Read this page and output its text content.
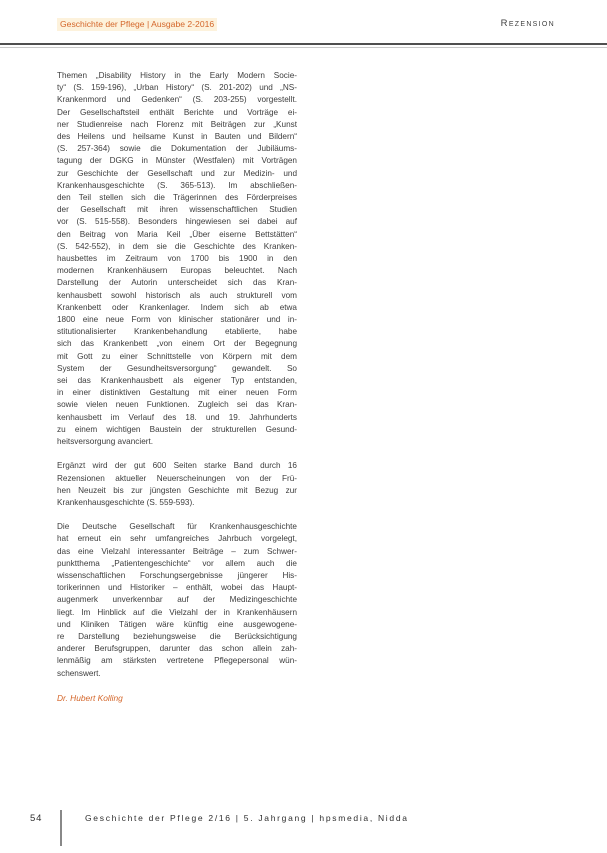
Geschichte der Pflege | Ausgabe 2-2016	Rezension

Themen „Disability History in the Early Modern Socie-
ty“ (S. 159-196), „Urban History“ (S. 201-202) und „NS-
Krankenmord und Gedenken“ (S. 203-255) vorgestellt.
Der Gesellschaftsteil enthält Berichte und Vorträge ei-
ner Studienreise nach Florenz mit Beiträgen zur „Kunst
des Heilens und heilsame Kunst in Bauten und Bildern“
(S. 257-364) sowie die Dokumentation der Jubiläums-
tagung der DGKG in Münster (Westfalen) mit Vorträgen
zur Geschichte der Gesellschaft und zur Medizin- und
Krankenhausgeschichte (S. 365-513). Im abschließen-
den Teil stellen sich die Trägerinnen des Förderpreises
der Gesellschaft mit ihren wissenschaftlichen Studien
vor (S. 515-558). Besonders hingewiesen sei dabei auf
den Beitrag von Maria Keil „Über eiserne Bettstätten“
(S. 542-552), in dem sie die Geschichte des Kranken-
hausbettes im Zeitraum von 1700 bis 1900 in den
modernen Krankenhäusern Europas beleuchtet. Nach
Darstellung der Autorin unterscheidet sich das Kran-
kenhausbett sowohl historisch als auch strukturell vom
Krankenbett oder Krankenlager. Indem sich ab etwa
1800 eine neue Form von klinischer stationärer und in-
stitutionalisierter Krankenbehandlung etablierte, habe
sich das Krankenbett „von einem Ort der Begegnung
mit Gott zu einer Schnittstelle von Körpern mit dem
System der Gesundheitsversorgung“ gewandelt. So
sei das Krankenhausbett als eigener Typ entstanden,
in einer distinktiven Gestaltung mit einer neuen Form
sowie vielen neuen Funktionen. Zugleich sei das Kran-
kenhausbett im Verlauf des 18. und 19. Jahrhunderts
zu einem wichtigen Baustein der strukturellen Gesund-
heitsversorgung avanciert.

Ergänzt wird der gut 600 Seiten starke Band durch 16
Rezensionen aktueller Neuerscheinungen von der Frü-
hen Neuzeit bis zur jüngsten Geschichte mit Bezug zur
Krankenhausgeschichte (S. 559-593).

Die Deutsche Gesellschaft für Krankenhausgeschichte
hat erneut ein sehr umfangreiches Jahrbuch vorgelegt,
das eine Vielzahl interessanter Beiträge – zum Schwer-
punktthema „Patientengeschichte“ vor allem auch die
wissenschaftlichen Forschungsergebnisse jüngerer His-
torikerinnen und Historiker – enthält, wobei das Haupt-
augenmerk unverkennbar auf der Medizingeschichte
liegt. Im Hinblick auf die Vielzahl der in Krankenhäusern
und Kliniken Tätigen wäre künftig eine ausgewogene-
re Darstellung beziehungsweise die Berücksichtigung
anderer Berufsgruppen, darunter das schon allein zah-
lenmäßig am stärksten vertretene Pflegepersonal wün-
schenswert.

Dr. Hubert Kolling
54	Geschichte der Pflege 2/16 | 5. Jahrgang | hpsmedia, Nidda
